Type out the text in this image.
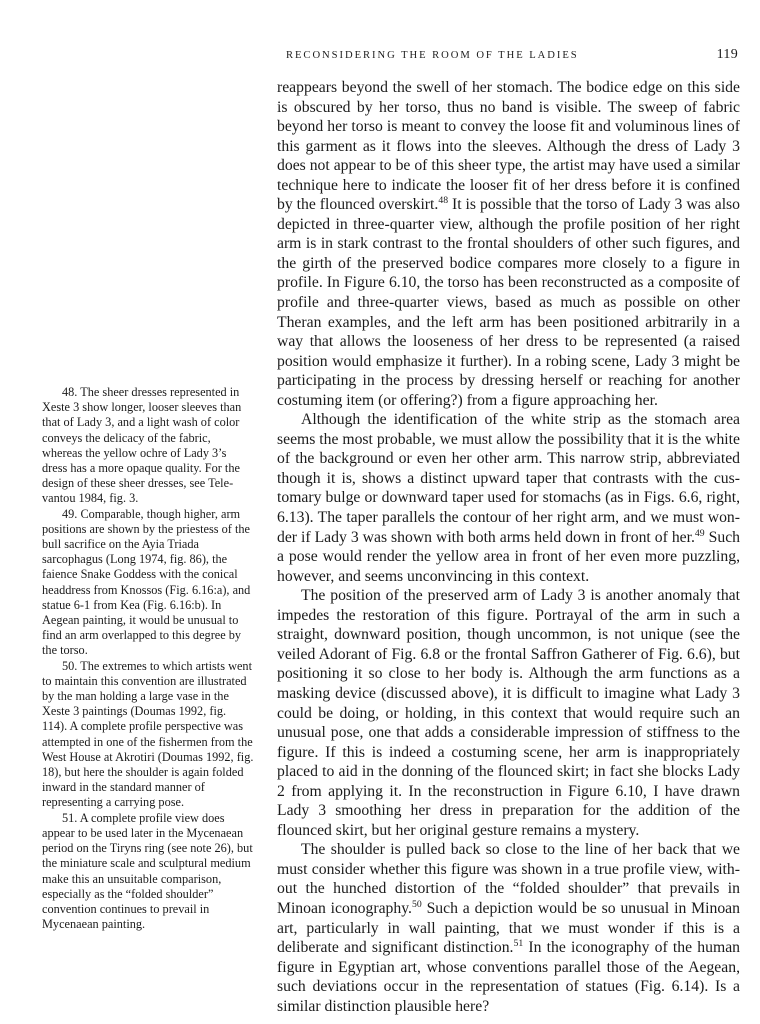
RECONSIDERING THE ROOM OF THE LADIES	119

reappears beyond the swell of her stomach. The bodice edge on this side is obscured by her torso, thus no band is visible. The sweep of fabric beyond her torso is meant to convey the loose fit and voluminous lines of this garment as it flows into the sleeves. Although the dress of Lady 3 does not appear to be of this sheer type, the artist may have used a similar technique here to indicate the looser fit of her dress before it is confined by the flounced overskirt.$^{48}$ It is possible that the torso of Lady 3 was also depicted in three-quarter view, although the profile position of her right arm is in stark contrast to the frontal shoulders of other such figures, and the girth of the preserved bodice compares more closely to a figure in profile. In Figure 6.10, the torso has been reconstructed as a composite of profile and three-quarter views, based as much as possible on other Theran examples, and the left arm has been positioned arbitrarily in a way that allows the looseness of her dress to be represented (a raised position would emphasize it further). In a robing scene, Lady 3 might be participating in the process by dressing herself or reaching for another costuming item (or offering?) from a figure approaching her.

Although the identification of the white strip as the stomach area seems the most probable, we must allow the possibility that it is the white of the background or even her other arm. This narrow strip, abbreviated though it is, shows a distinct upward taper that contrasts with the customary bulge or downward taper used for stomachs (as in Figs. 6.6, right, 6.13). The taper parallels the contour of her right arm, and we must wonder if Lady 3 was shown with both arms held down in front of her.$^{49}$ Such a pose would render the yellow area in front of her even more puzzling, however, and seems unconvincing in this context.

The position of the preserved arm of Lady 3 is another anomaly that impedes the restoration of this figure. Portrayal of the arm in such a straight, downward position, though uncommon, is not unique (see the veiled Adorant of Fig. 6.8 or the frontal Saffron Gatherer of Fig. 6.6), but positioning it so close to her body is. Although the arm functions as a masking device (discussed above), it is difficult to imagine what Lady 3 could be doing, or holding, in this context that would require such an unusual pose, one that adds a considerable impression of stiffness to the figure. If this is indeed a costuming scene, her arm is inappropriately placed to aid in the donning of the flounced skirt; in fact she blocks Lady 2 from applying it. In the reconstruction in Figure 6.10, I have drawn Lady 3 smoothing her dress in preparation for the addition of the flounced skirt, but her original gesture remains a mystery.

The shoulder is pulled back so close to the line of her back that we must consider whether this figure was shown in a true profile view, without the hunched distortion of the “folded shoulder” that prevails in Minoan iconography.$^{50}$ Such a depiction would be so unusual in Minoan art, particularly in wall painting, that we must wonder if this is a deliberate and significant distinction.$^{51}$ In the iconography of the human figure in Egyptian art, whose conventions parallel those of the Aegean, such deviations occur in the representation of statues (Fig. 6.14). Is a similar distinction plausible here?

48. The sheer dresses represented in Xeste 3 show longer, looser sleeves than that of Lady 3, and a light wash of color conveys the delicacy of the fabric, whereas the yellow ochre of Lady 3’s dress has a more opaque quality. For the design of these sheer dresses, see Televantou 1984, fig. 3.

49. Comparable, though higher, arm positions are shown by the priestess of the bull sacrifice on the Ayia Triada sarcophagus (Long 1974, fig. 86), the faience Snake Goddess with the conical headdress from Knossos (Fig. 6.16:a), and statue 6-1 from Kea (Fig. 6.16:b). In Aegean painting, it would be unusual to find an arm overlapped to this degree by the torso.

50. The extremes to which artists went to maintain this convention are illustrated by the man holding a large vase in the Xeste 3 paintings (Doumas 1992, fig. 114). A complete profile perspective was attempted in one of the fishermen from the West House at Akrotiri (Doumas 1992, fig. 18), but here the shoulder is again folded inward in the standard manner of representing a carrying pose.

51. A complete profile view does appear to be used later in the Mycenaean period on the Tiryns ring (see note 26), but the miniature scale and sculptural medium make this an unsuitable comparison, especially as the “folded shoulder” convention continues to prevail in Mycenaean painting.
